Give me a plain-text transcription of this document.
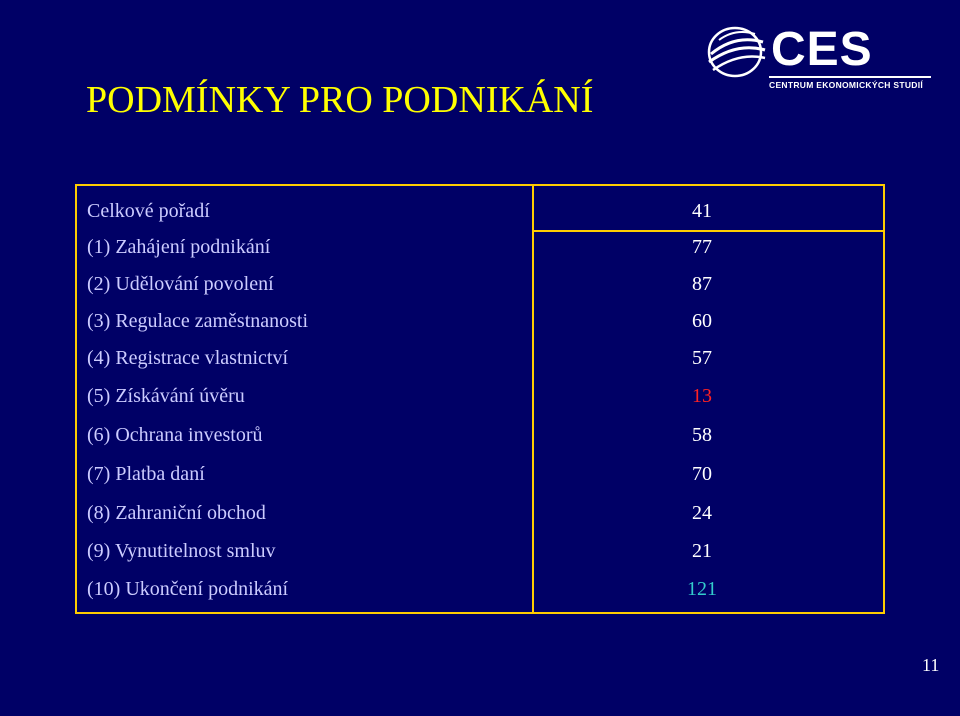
PODMÍNKY PRO PODNIKÁNÍ
CES
CENTRUM EKONOMICKÝCH STUDIÍ
Celkové pořadí	41
(1) Zahájení podnikání	77
(2) Udělování povolení	87
(3) Regulace zaměstnanosti	60
(4) Registrace vlastnictví	57
(5) Získávání úvěru	13
(6) Ochrana investorů	58
(7) Platba daní	70
(8) Zahraniční obchod	24
(9) Vynutitelnost smluv	21
(10) Ukončení podnikání	121
11
